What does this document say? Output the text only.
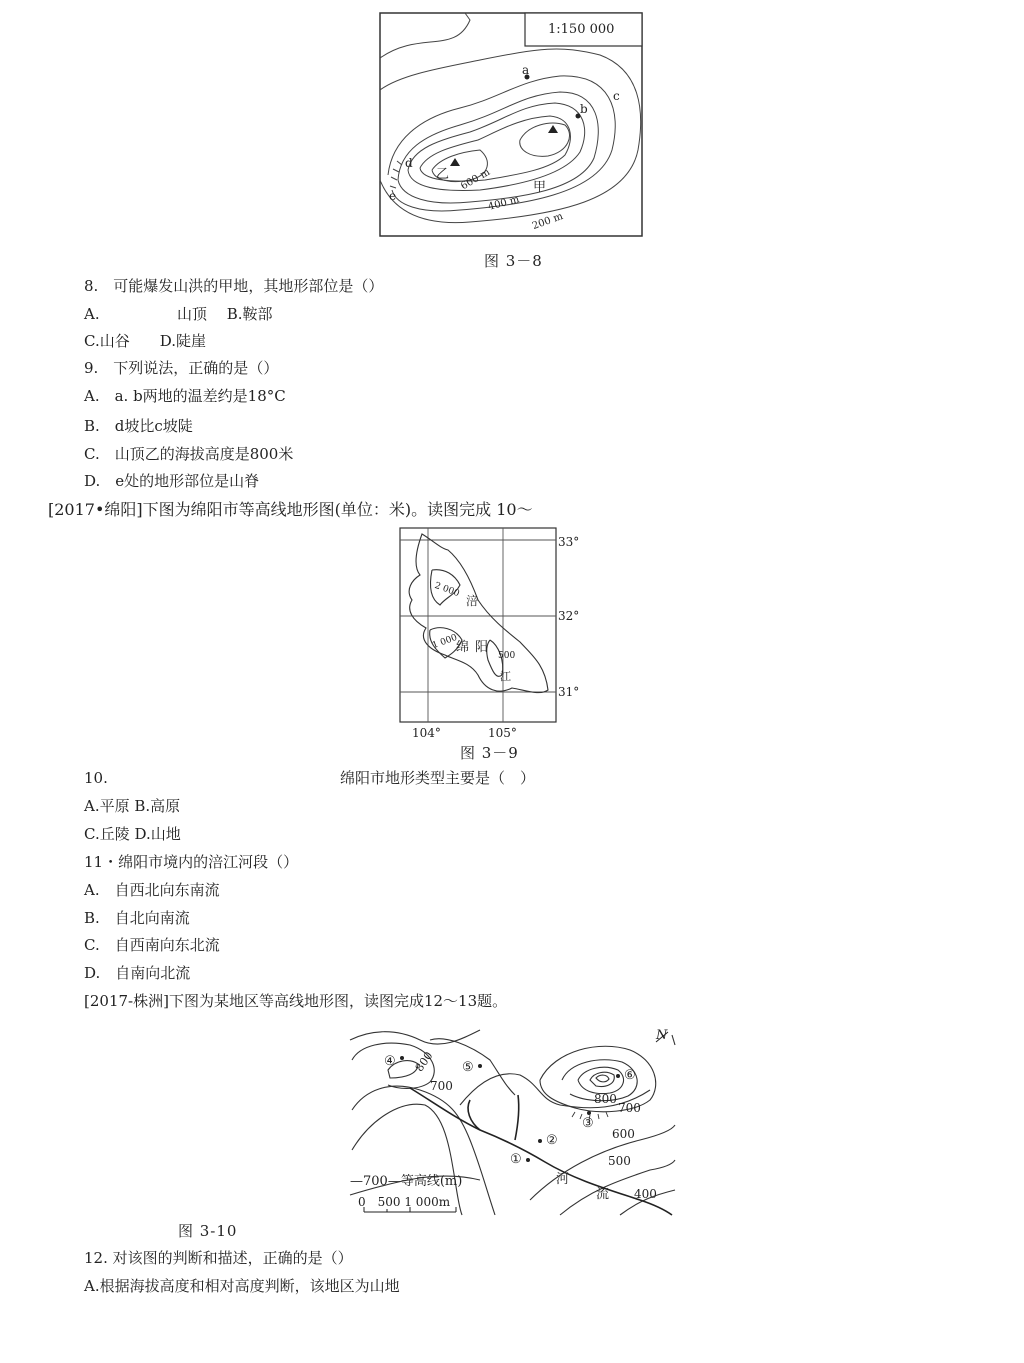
1:150 000
a
b
c
d
e
乙
甲
600 m
400 m
200 m
图 3－8
8.　可能爆发山洪的甲地，其地形部位是（）
A.	山顶　 B.鞍部
C.山谷　　D.陡崖
9.　下列说法，正确的是（）
A.　a. b两地的温差约是18°C
B.　d坡比c坡陡
C.　山顶乙的海拔高度是800米
D.　e处的地形部位是山脊
[2017•绵阳]下图为绵阳市等高线地形图(单位：米)。读图完成 10～
33°
32°
31°
104°	105°
2 000
1 000
500
涪
绵 阳
江
图 3－9
10.	绵阳市地形类型主要是（　）
A.平原 B.高原
C.丘陵 D.山地
11・绵阳市境内的涪江河段（）
A.　自西北向东南流
B.　自北向南流
C.　自西南向东北流
D.　自南向北流
[2017-株洲]下图为某地区等高线地形图，读图完成12～13题。
N
800
700
800
700
600
500
400
①
②
③
④	⑤
⑥
河
流
—700—等高线(m)
0　500 1 000m
图 3-10
12. 对该图的判断和描述，正确的是（）
A.根据海拔高度和相对高度判断，该地区为山地
